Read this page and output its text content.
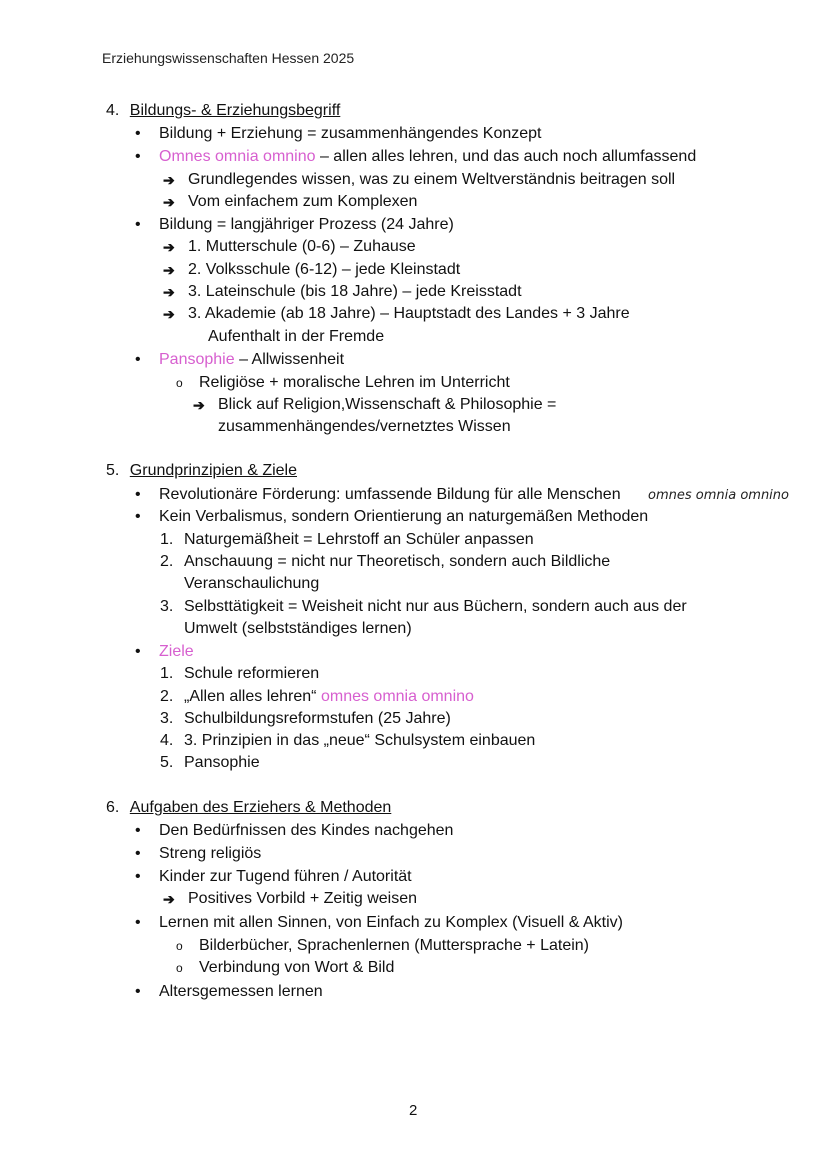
Erziehungswissenschaften Hessen 2025
4. Bildungs- & Erziehungsbegriff
• Bildung + Erziehung = zusammenhängendes Konzept
• Omnes omnia omnino – allen alles lehren, und das auch noch allumfassend
➔ Grundlegendes wissen, was zu einem Weltverständnis beitragen soll
➔ Vom einfachem zum Komplexen
• Bildung = langjähriger Prozess (24 Jahre)
➔ 1. Mutterschule (0-6) – Zuhause
➔ 2. Volksschule (6-12) – jede Kleinstadt
➔ 3. Lateinschule (bis 18 Jahre) – jede Kreisstadt
➔ 3. Akademie (ab 18 Jahre) – Hauptstadt des Landes + 3 Jahre
Aufenthalt in der Fremde
• Pansophie – Allwissenheit
o Religiöse + moralische Lehren im Unterricht
➔ Blick auf Religion,Wissenschaft & Philosophie =
zusammenhängendes/vernetztes Wissen
5. Grundprinzipien & Ziele
• Revolutionäre Förderung: umfassende Bildung für alle Menschen omnes omnia omnino
• Kein Verbalismus, sondern Orientierung an naturgemäßen Methoden
1. Naturgemäßheit = Lehrstoff an Schüler anpassen
2. Anschauung = nicht nur Theoretisch, sondern auch Bildliche
Veranschaulichung
3. Selbsttätigkeit = Weisheit nicht nur aus Büchern, sondern auch aus der
Umwelt (selbstständiges lernen)
• Ziele
1. Schule reformieren
2. „Allen alles lehren“ omnes omnia omnino
3. Schulbildungsreformstufen (25 Jahre)
4. 3. Prinzipien in das „neue“ Schulsystem einbauen
5. Pansophie
6. Aufgaben des Erziehers & Methoden
• Den Bedürfnissen des Kindes nachgehen
• Streng religiös
• Kinder zur Tugend führen / Autorität
➔ Positives Vorbild + Zeitig weisen
• Lernen mit allen Sinnen, von Einfach zu Komplex (Visuell & Aktiv)
o Bilderbücher, Sprachenlernen (Muttersprache + Latein)
o Verbindung von Wort & Bild
• Altersgemessen lernen
2
